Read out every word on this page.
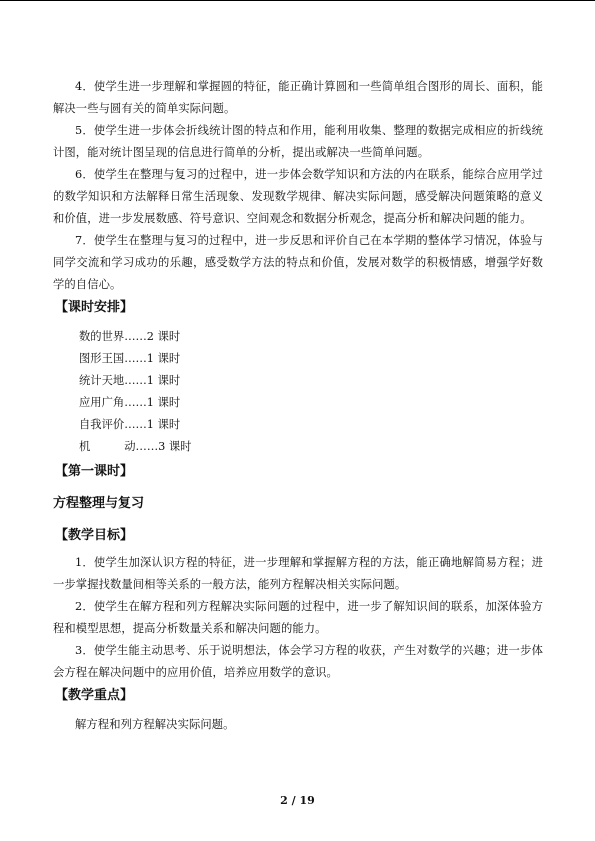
4．使学生进一步理解和掌握圆的特征，能正确计算圆和一些简单组合图形的周长、面积，能解决一些与圆有关的简单实际问题。

5．使学生进一步体会折线统计图的特点和作用，能利用收集、整理的数据完成相应的折线统计图，能对统计图呈现的信息进行简单的分析，提出或解决一些简单问题。

6．使学生在整理与复习的过程中，进一步体会数学知识和方法的内在联系，能综合应用学过的数学知识和方法解释日常生活现象、发现数学规律、解决实际问题，感受解决问题策略的意义和价值，进一步发展数感、符号意识、空间观念和数据分析观念，提高分析和解决问题的能力。

7．使学生在整理与复习的过程中，进一步反思和评价自己在本学期的整体学习情况，体验与同学交流和学习成功的乐趣，感受数学方法的特点和价值，发展对数学的积极情感，增强学好数学的自信心。

【课时安排】
数的世界……2 课时
图形王国……1 课时
统计天地……1 课时
应用广角……1 课时
自我评价……1 课时
机	动……3 课时
【第一课时】
方程整理与复习
【教学目标】

1．使学生加深认识方程的特征，进一步理解和掌握解方程的方法，能正确地解简易方程；进一步掌握找数量间相等关系的一般方法，能列方程解决相关实际问题。

2．使学生在解方程和列方程解决实际问题的过程中，进一步了解知识间的联系，加深体验方程和模型思想，提高分析数量关系和解决问题的能力。

3．使学生能主动思考、乐于说明想法，体会学习方程的收获，产生对数学的兴趣；进一步体会方程在解决问题中的应用价值，培养应用数学的意识。

【教学重点】

解方程和列方程解决实际问题。

2 / 19
